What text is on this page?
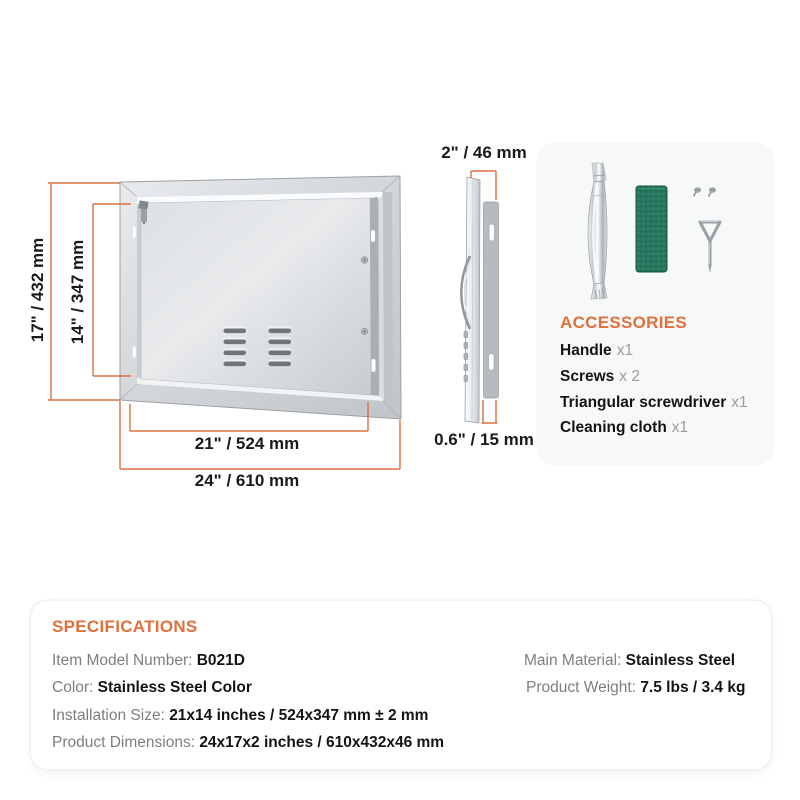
17" / 432 mm 14" / 347 mm
21" / 524 mm
24" / 610 mm
2" / 46 mm
0.6" / 15 mm
ACCESSORIES
Handle x1
Screws x 2
Triangular screwdriver x1
Cleaning cloth x1
SPECIFICATIONS
Item Model Number: B021D
Color: Stainless Steel Color
Installation Size: 21x14 inches / 524x347 mm ± 2 mm
Product Dimensions: 24x17x2 inches / 610x432x46 mm
Main Material: Stainless Steel
Product Weight: 7.5 lbs / 3.4 kg
